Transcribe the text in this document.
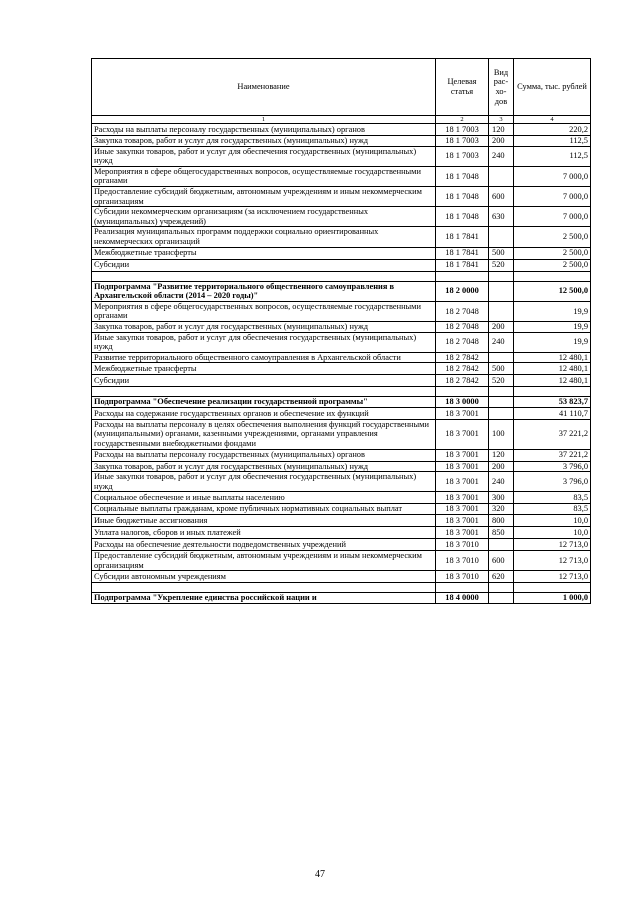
Наименование	Целевая статья	Вид рас- хо- дов	Сумма, тыс. рублей
1	2	3	4
Расходы на выплаты персоналу государственных (муниципальных) органов	18 1 7003	120	220,2
Закупка товаров, работ и услуг для государственных (муниципальных) нужд	18 1 7003	200	112,5
Иные закупки товаров, работ и услуг для обеспечения государственных (муниципальных) нужд	18 1 7003	240	112,5
Мероприятия в сфере общегосударственных вопросов, осуществляемые государственными органами	18 1 7048		7 000,0
Предоставление субсидий бюджетным, автономным учреждениям и иным некоммерческим организациям	18 1 7048	600	7 000,0
Субсидии некоммерческим организациям (за исключением государственных (муниципальных) учреждений)	18 1 7048	630	7 000,0
Реализация муниципальных программ поддержки социально ориентированных некоммерческих организаций	18 1 7841		2 500,0
Межбюджетные трансферты	18 1 7841	500	2 500,0
Субсидии	18 1 7841	520	2 500,0

Подпрограмма "Развитие территориального общественного самоуправления в Архангельской области (2014 – 2020 годы)"	18 2 0000		12 500,0
Мероприятия в сфере общегосударственных вопросов, осуществляемые государственными органами	18 2 7048		19,9
Закупка товаров, работ и услуг для государственных (муниципальных) нужд	18 2 7048	200	19,9
Иные закупки товаров, работ и услуг для обеспечения государственных (муниципальных) нужд	18 2 7048	240	19,9
Развитие территориального общественного самоуправления в Архангельской области	18 2 7842		12 480,1
Межбюджетные трансферты	18 2 7842	500	12 480,1
Субсидии	18 2 7842	520	12 480,1

Подпрограмма "Обеспечение реализации государственной программы"	18 3 0000		53 823,7
Расходы на содержание государственных органов и обеспечение их функций	18 3 7001		41 110,7
Расходы на выплаты персоналу в целях обеспечения выполнения функций государственными (муниципальными) органами, казенными учреждениями, органами управления государственными внебюджетными фондами	18 3 7001	100	37 221,2
Расходы на выплаты персоналу государственных (муниципальных) органов	18 3 7001	120	37 221,2
Закупка товаров, работ и услуг для государственных (муниципальных) нужд	18 3 7001	200	3 796,0
Иные закупки товаров, работ и услуг для обеспечения государственных (муниципальных) нужд	18 3 7001	240	3 796,0
Социальное обеспечение и иные выплаты населению	18 3 7001	300	83,5
Социальные выплаты гражданам, кроме публичных нормативных социальных выплат	18 3 7001	320	83,5
Иные бюджетные ассигнования	18 3 7001	800	10,0
Уплата налогов, сборов и иных платежей	18 3 7001	850	10,0
Расходы на обеспечение деятельности подведомственных учреждений	18 3 7010		12 713,0
Предоставление субсидий бюджетным, автономным учреждениям и иным некоммерческим организациям	18 3 7010	600	12 713,0
Субсидии автономным учреждениям	18 3 7010	620	12 713,0

Подпрограмма "Укрепление единства российской нации и	18 4 0000		1 000,0
47
